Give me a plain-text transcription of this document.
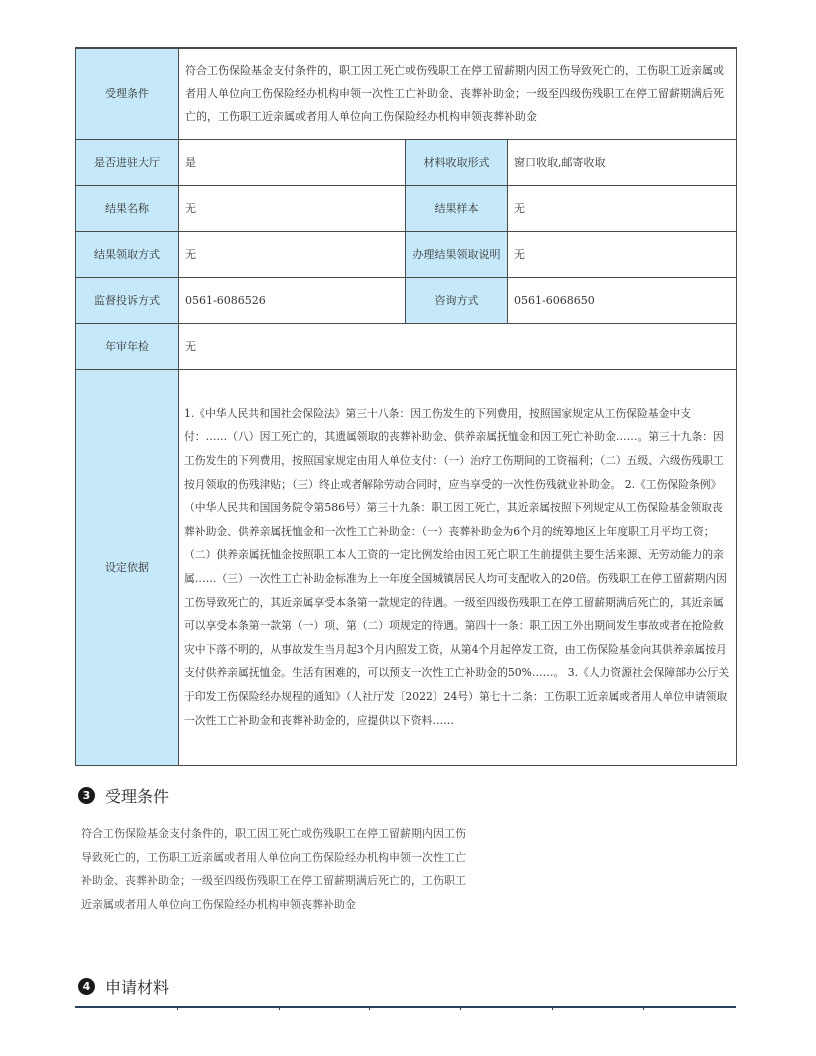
受理条件	符合工伤保险基金支付条件的，职工因工死亡或伤残职工在停工留薪期内因工伤导致死亡的，工伤职工近亲属或者用人单位向工伤保险经办机构申领一次性工亡补助金、丧葬补助金；一级至四级伤残职工在停工留薪期满后死亡的，工伤职工近亲属或者用人单位向工伤保险经办机构申领丧葬补助金		
是否进驻大厅	是	材料收取形式	窗口收取,邮寄收取
结果名称	无	结果样本	无
结果领取方式	无	办理结果领取说明	无
监督投诉方式	0561-6086526	咨询方式	0561-6068650
年审年检	无		
设定依据	1.《中华人民共和国社会保险法》第三十八条：因工伤发生的下列费用，按照国家规定从工伤保险基金中支付：……（八）因工死亡的，其遗属领取的丧葬补助金、供养亲属抚恤金和因工死亡补助金……。第三十九条：因工伤发生的下列费用，按照国家规定由用人单位支付：（一）治疗工伤期间的工资福利；（二）五级、六级伤残职工按月领取的伤残津贴；（三）终止或者解除劳动合同时，应当享受的一次性伤残就业补助金。 2.《工伤保险条例》（中华人民共和国国务院令第586号）第三十九条：职工因工死亡，其近亲属按照下列规定从工伤保险基金领取丧葬补助金、供养亲属抚恤金和一次性工亡补助金：（一）丧葬补助金为6个月的统筹地区上年度职工月平均工资；（二）供养亲属抚恤金按照职工本人工资的一定比例发给由因工死亡职工生前提供主要生活来源、无劳动能力的亲属……（三）一次性工亡补助金标准为上一年度全国城镇居民人均可支配收入的20倍。伤残职工在停工留薪期内因工伤导致死亡的，其近亲属享受本条第一款规定的待遇。一级至四级伤残职工在停工留薪期满后死亡的，其近亲属可以享受本条第一款第（一）项、第（二）项规定的待遇。第四十一条：职工因工外出期间发生事故或者在抢险救灾中下落不明的，从事故发生当月起3个月内照发工资，从第4个月起停发工资，由工伤保险基金向其供养亲属按月支付供养亲属抚恤金。生活有困难的，可以预支一次性工亡补助金的50%……。 3.《人力资源社会保障部办公厅关于印发工伤保险经办规程的通知》（人社厅发〔2022〕24号）第七十二条：工伤职工近亲属或者用人单位申请领取一次性工亡补助金和丧葬补助金的，应提供以下资料……		
3 受理条件
符合工伤保险基金支付条件的，职工因工死亡或伤残职工在停工留薪期内因工伤导致死亡的，工伤职工近亲属或者用人单位向工伤保险经办机构申领一次性工亡补助金、丧葬补助金；一级至四级伤残职工在停工留薪期满后死亡的，工伤职工近亲属或者用人单位向工伤保险经办机构申领丧葬补助金
4 申请材料
